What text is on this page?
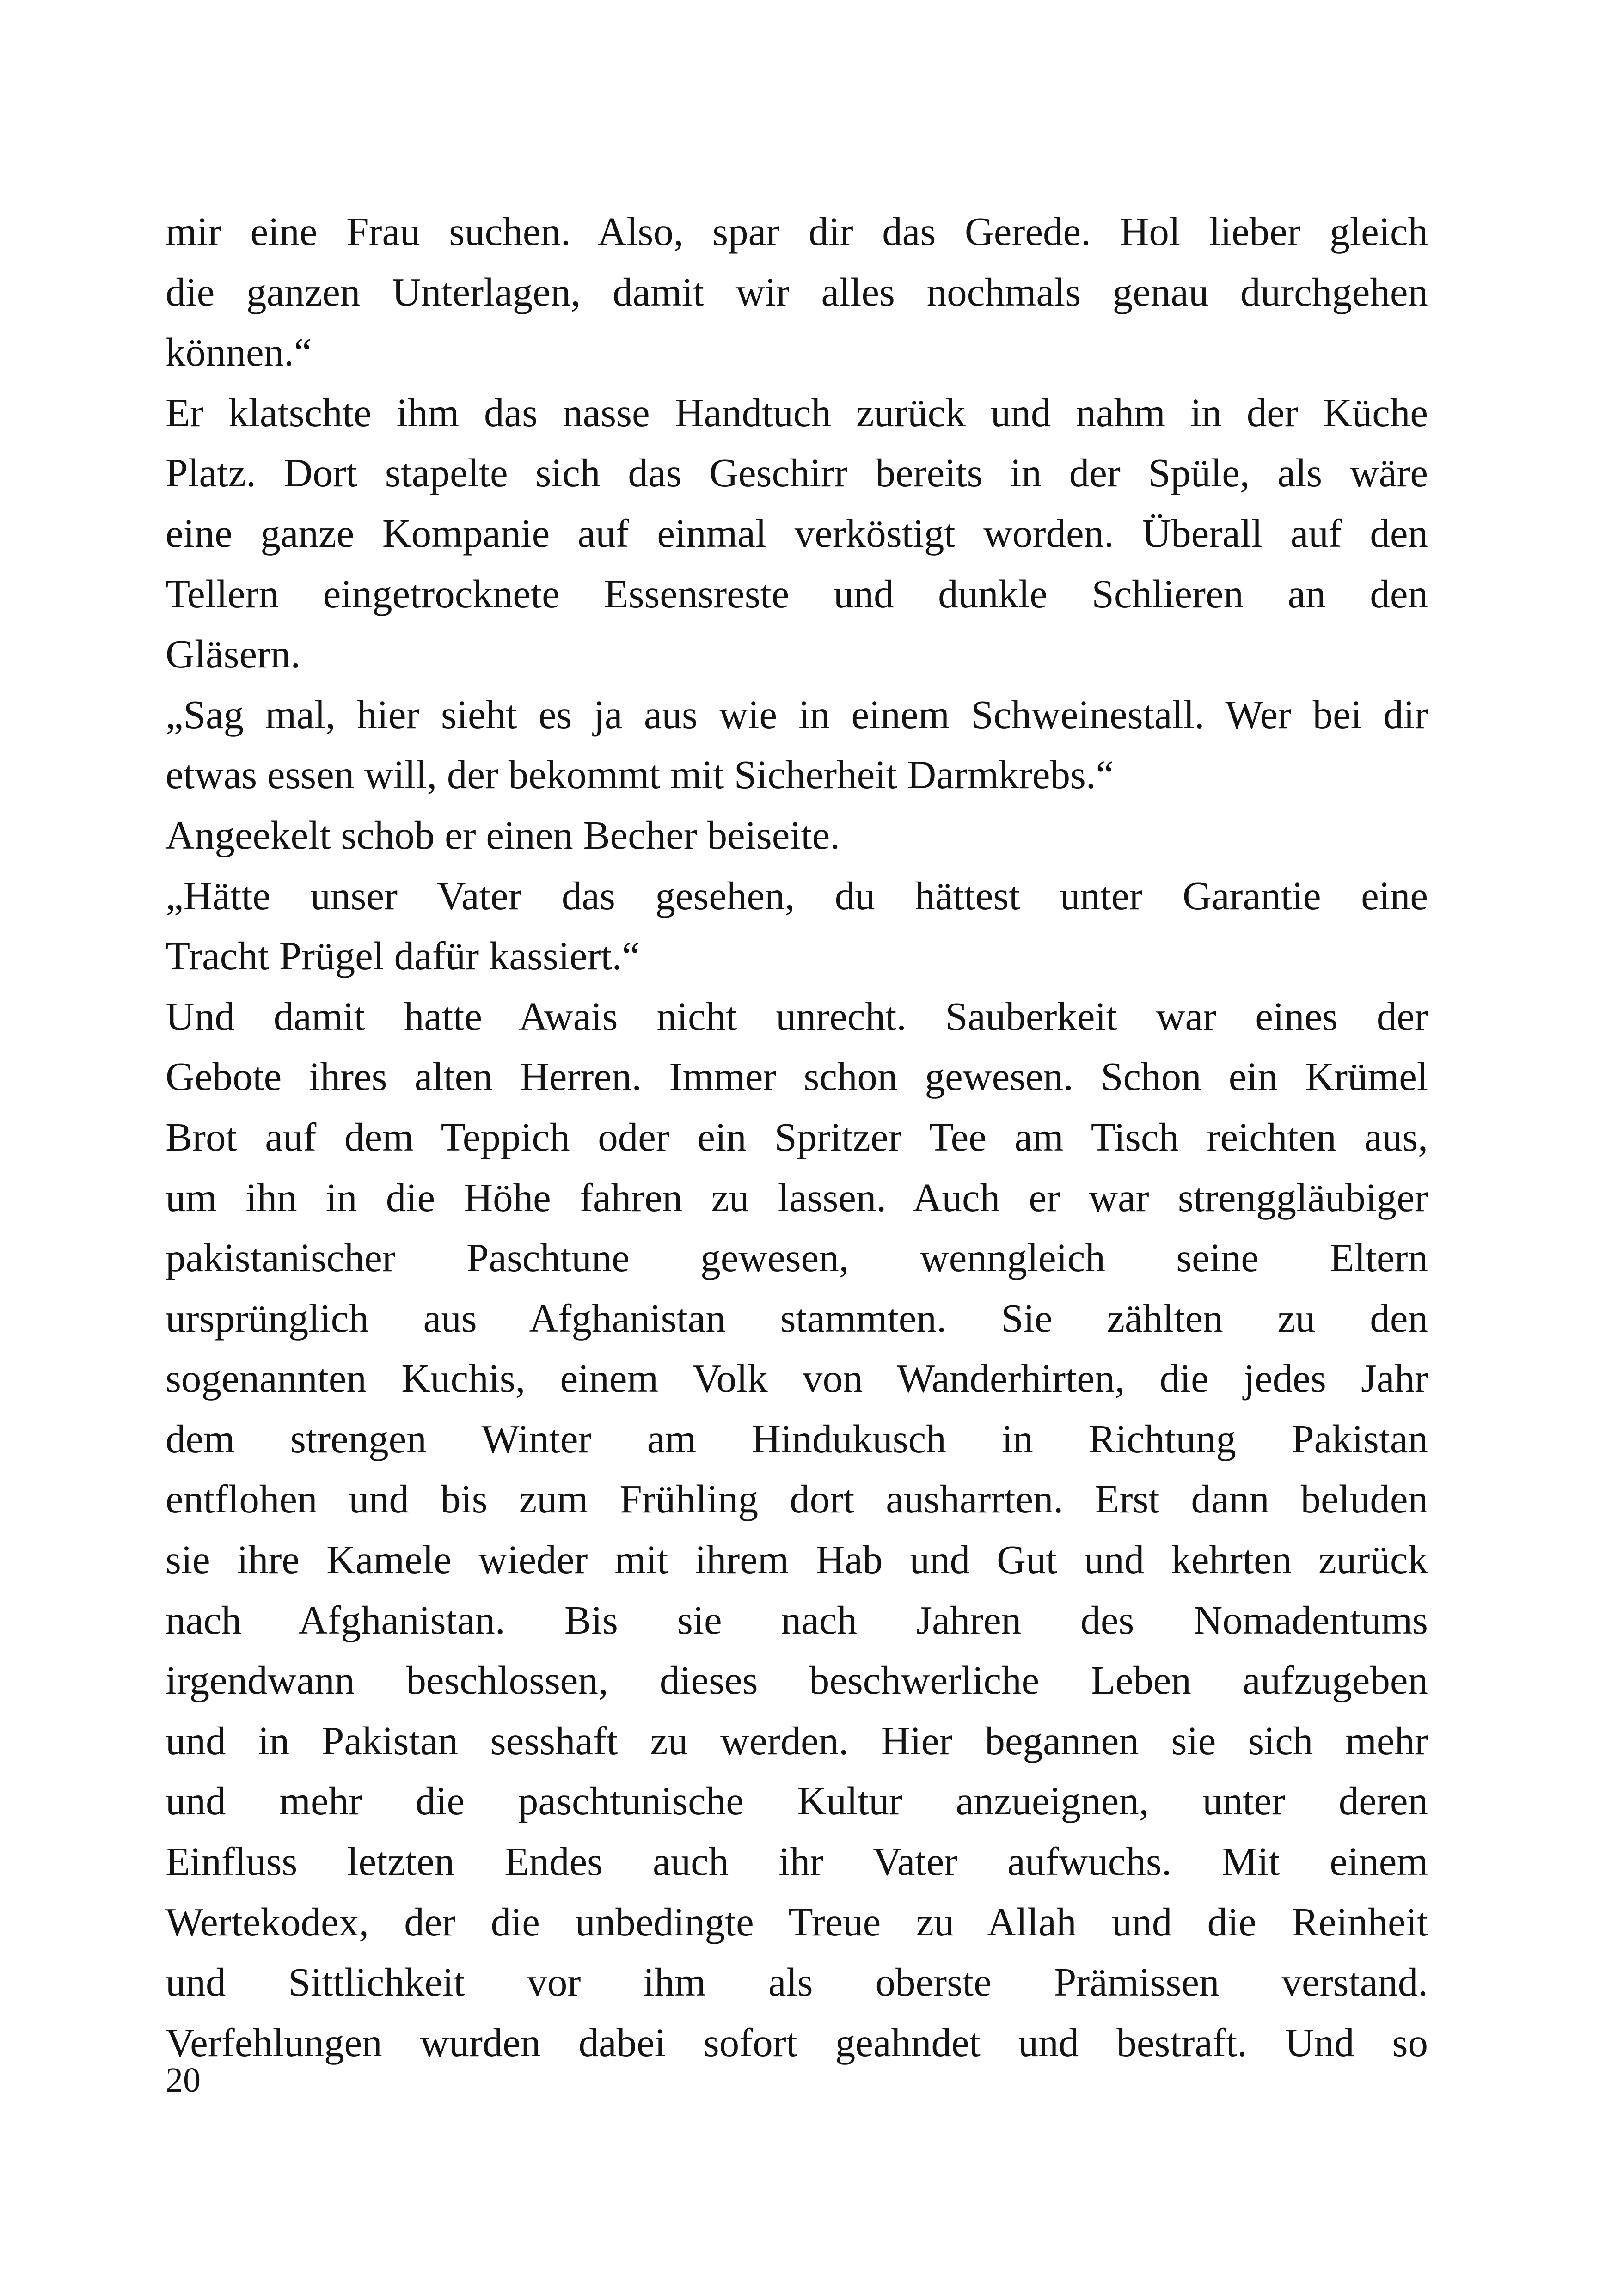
mir eine Frau suchen. Also, spar dir das Gerede. Hol lieber gleich
die ganzen Unterlagen, damit wir alles nochmals genau durchgehen
können.“
Er klatschte ihm das nasse Handtuch zurück und nahm in der Küche
Platz. Dort stapelte sich das Geschirr bereits in der Spüle, als wäre
eine ganze Kompanie auf einmal verköstigt worden. Überall auf den
Tellern eingetrocknete Essensreste und dunkle Schlieren an den
Gläsern.
„Sag mal, hier sieht es ja aus wie in einem Schweinestall. Wer bei dir
etwas essen will, der bekommt mit Sicherheit Darmkrebs.“
Angeekelt schob er einen Becher beiseite.
„Hätte unser Vater das gesehen, du hättest unter Garantie eine
Tracht Prügel dafür kassiert.“
Und damit hatte Awais nicht unrecht. Sauberkeit war eines der
Gebote ihres alten Herren. Immer schon gewesen. Schon ein Krümel
Brot auf dem Teppich oder ein Spritzer Tee am Tisch reichten aus,
um ihn in die Höhe fahren zu lassen. Auch er war strenggläubiger
pakistanischer Paschtune gewesen, wenngleich seine Eltern
ursprünglich aus Afghanistan stammten. Sie zählten zu den
sogenannten Kuchis, einem Volk von Wanderhirten, die jedes Jahr
dem strengen Winter am Hindukusch in Richtung Pakistan
entflohen und bis zum Frühling dort ausharrten. Erst dann beluden
sie ihre Kamele wieder mit ihrem Hab und Gut und kehrten zurück
nach Afghanistan. Bis sie nach Jahren des Nomadentums
irgendwann beschlossen, dieses beschwerliche Leben aufzugeben
und in Pakistan sesshaft zu werden. Hier begannen sie sich mehr
und mehr die paschtunische Kultur anzueignen, unter deren
Einfluss letzten Endes auch ihr Vater aufwuchs. Mit einem
Wertekodex, der die unbedingte Treue zu Allah und die Reinheit
und Sittlichkeit vor ihm als oberste Prämissen verstand.
Verfehlungen wurden dabei sofort geahndet und bestraft. Und so
20
